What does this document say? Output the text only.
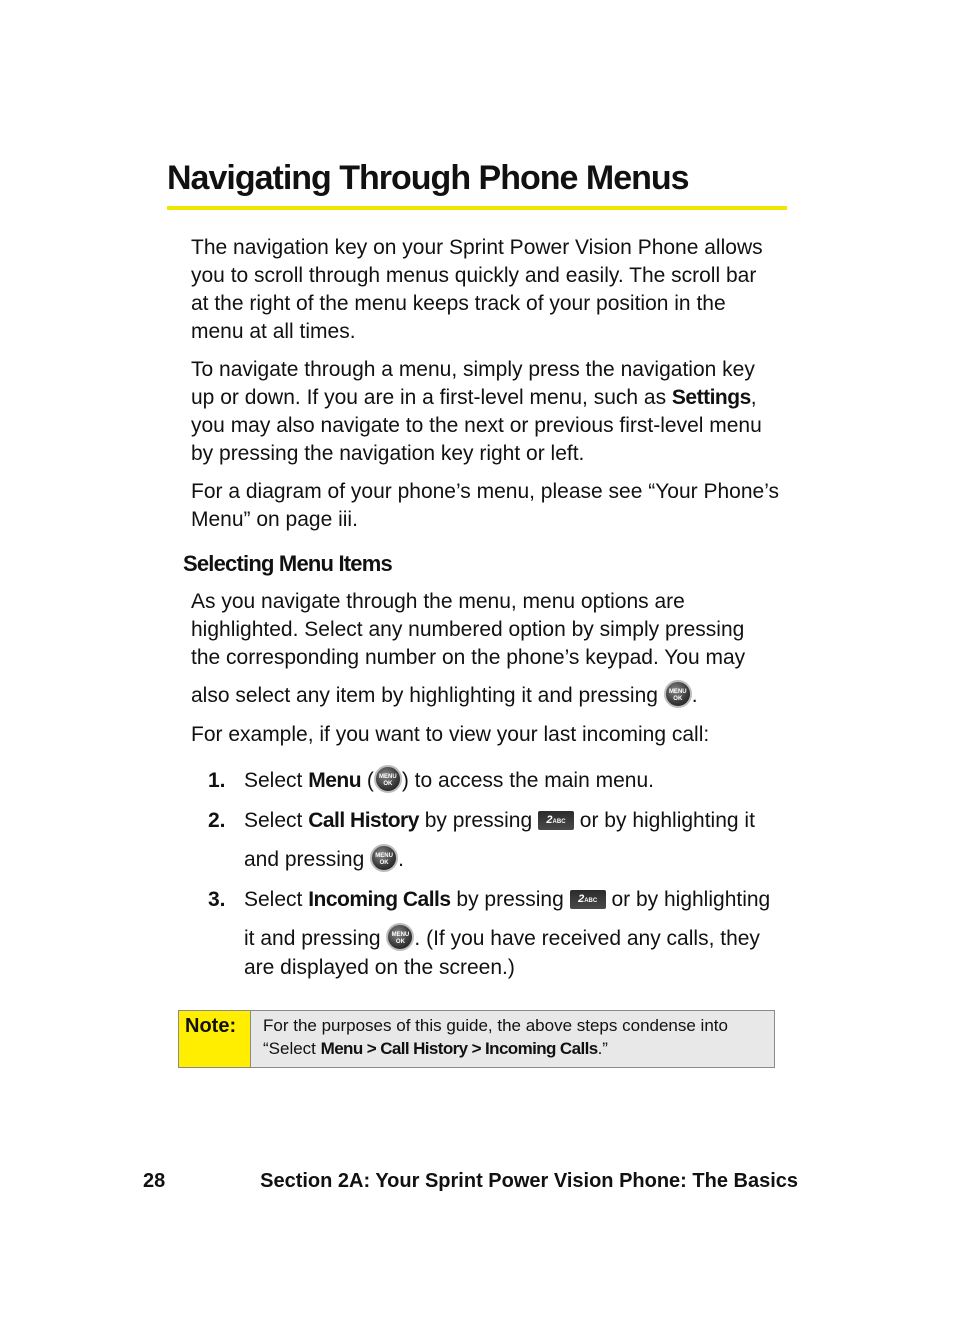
Navigating Through Phone Menus
The navigation key on your Sprint Power Vision Phone allows
you to scroll through menus quickly and easily. The scroll bar
at the right of the menu keeps track of your position in the
menu at all times.
To navigate through a menu, simply press the navigation key
up or down. If you are in a first-level menu, such as Settings,
you may also navigate to the next or previous first-level menu
by pressing the navigation key right or left.
For a diagram of your phone’s menu, please see “Your Phone’s
Menu” on page iii.
Selecting Menu Items
As you navigate through the menu, menu options are
highlighted. Select any numbered option by simply pressing
the corresponding number on the phone’s keypad. You may
also select any item by highlighting it and pressing MENU
OK .
For example, if you want to view your last incoming call:
1. Select Menu ( MENU
OK ) to access the main menu.
2. Select Call History by pressing 2ABC or by highlighting it
and pressing MENU
OK .
3. Select Incoming Calls by pressing 2ABC or by highlighting
it and pressing MENU
OK . (If you have received any calls, they
are displayed on the screen.)
Note:	For the purposes of this guide, the above steps condense into
“Select Menu > Call History > Incoming Calls.”
28	Section 2A: Your Sprint Power Vision Phone: The Basics
